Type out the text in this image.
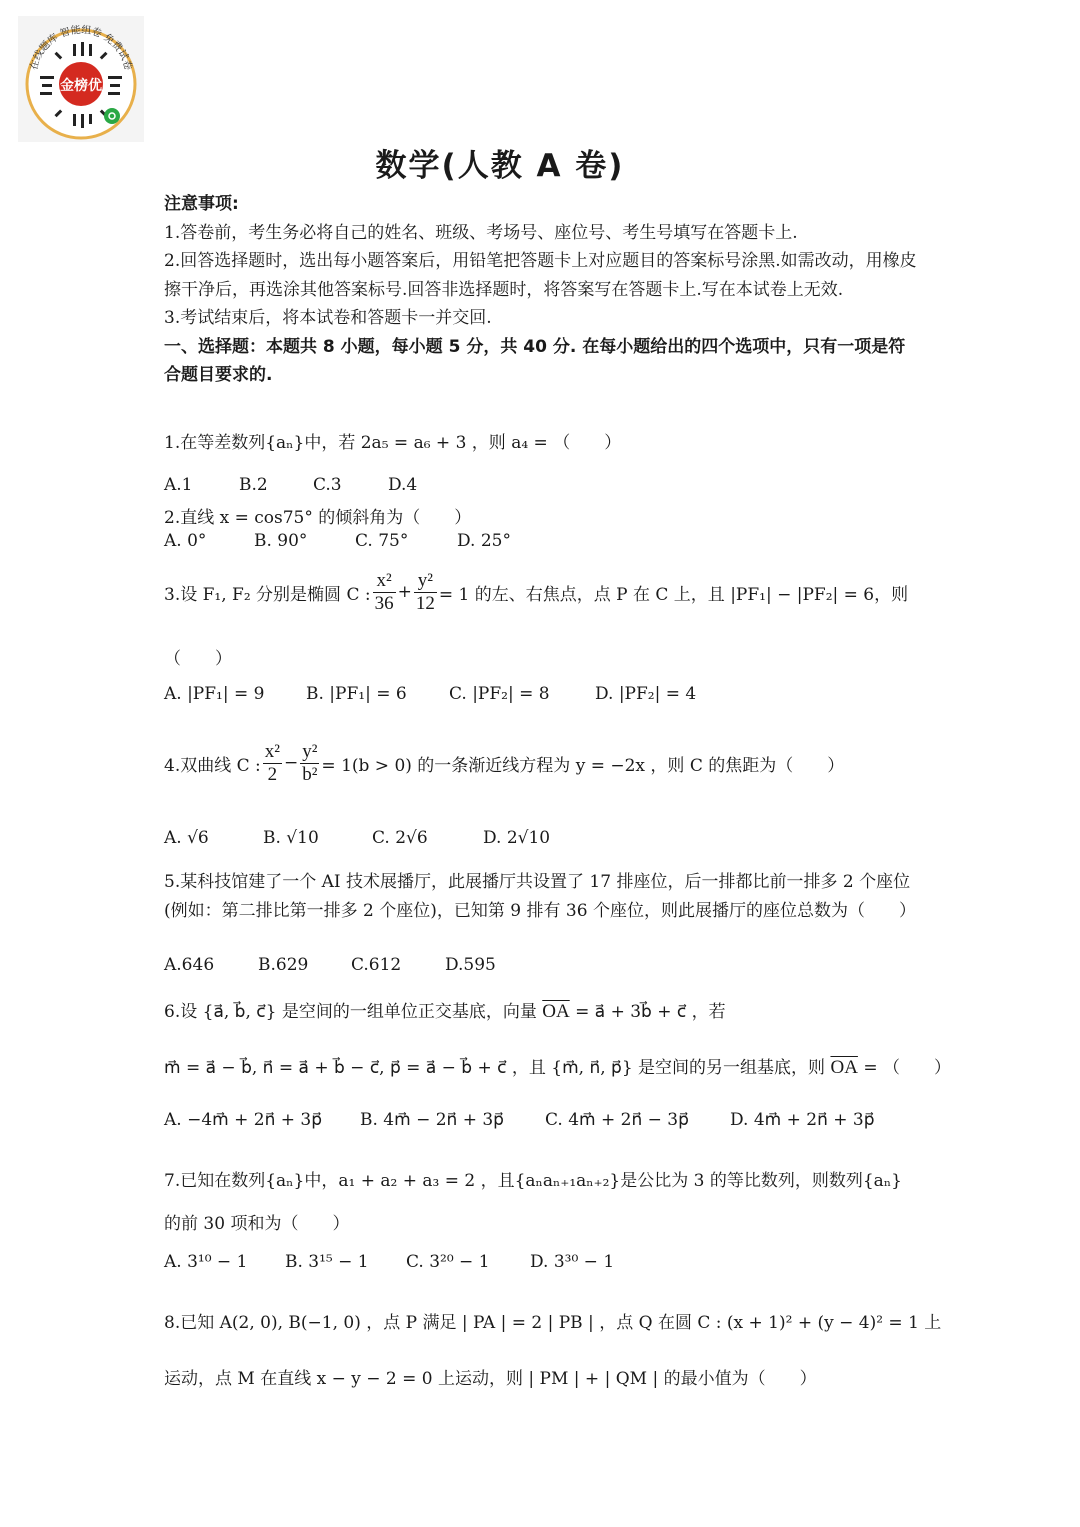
金榜优
在线题库 智能组卷 免费试卷
数学(人教 A 卷)

注意事项:

1.答卷前，考生务必将自己的姓名、班级、考场号、座位号、考生号填写在答题卡上.

2.回答选择题时，选出每小题答案后，用铅笔把答题卡上对应题目的答案标号涂黑.如需改动，用橡皮擦干净后，再选涂其他答案标号.回答非选择题时，将答案写在答题卡上.写在本试卷上无效.

3.考试结束后，将本试卷和答题卡一并交回.

一、选择题：本题共 8 小题，每小题 5 分，共 40 分. 在每小题给出的四个选项中，只有一项是符合题目要求的.

1.在等差数列{aₙ}中，若 2a₅ = a₆ + 3 ，则 a₄ = （　　）
A.1	B.2	C.3	D.4
2.直线 x = cos75° 的倾斜角为（　　）
A. 0°	B. 90°	C. 75°	D. 25°
3.设 F₁, F₂ 分别是椭圆 C : $\frac{\text{x²}}{36} + \frac{\text{y²}}{12} = 1$ 的左、右焦点，点 P 在 C 上，且 |PF₁| − |PF₂| = 6，则
（　　）
A. |PF₁| = 9	B. |PF₁| = 6	C. |PF₂| = 8	D. |PF₂| = 4
4.双曲线 C : $\frac{\text{x²}}{2} - \frac{\text{y²}}{\text{b²}} = 1(b > 0)$ 的一条渐近线方程为 y = −2x ，则 C 的焦距为（　　）
A. √6	B. √10	C. 2√6	D. 2√10
5.某科技馆建了一个 AI 技术展播厅，此展播厅共设置了 17 排座位，后一排都比前一排多 2 个座位(例如：第二排比第一排多 2 个座位)，已知第 9 排有 36 个座位，则此展播厅的座位总数为（　　）
A.646	B.629	C.612	D.595
6.设 {a⃗, b⃗, c⃗} 是空间的一组单位正交基底，向量 $\overline{OA}$ = a⃗ + 3b⃗ + c⃗ ，若
m⃗ = a⃗ − b⃗, n⃗ = a⃗ + b⃗ − c⃗, p⃗ = a⃗ − b⃗ + c⃗ ，且 {m⃗, n⃗, p⃗} 是空间的另一组基底，则 $\overline{OA}$ = （　　）
A. −4m⃗ + 2n⃗ + 3p⃗	B. 4m⃗ − 2n⃗ + 3p⃗	C. 4m⃗ + 2n⃗ − 3p⃗	D. 4m⃗ + 2n⃗ + 3p⃗
7.已知在数列{aₙ}中，a₁ + a₂ + a₃ = 2 ，且{aₙaₙ₊₁aₙ₊₂}是公比为 3 的等比数列，则数列{aₙ}
的前 30 项和为（　　）
A. 3¹⁰ − 1	B. 3¹⁵ − 1	C. 3²⁰ − 1	D. 3³⁰ − 1
8.已知 A(2, 0), B(−1, 0) ，点 P 满足 | PA | = 2 | PB | ，点 Q 在圆 C : (x + 1)² + (y − 4)² = 1 上
运动，点 M 在直线 x − y − 2 = 0 上运动，则 | PM | + | QM | 的最小值为（　　）
